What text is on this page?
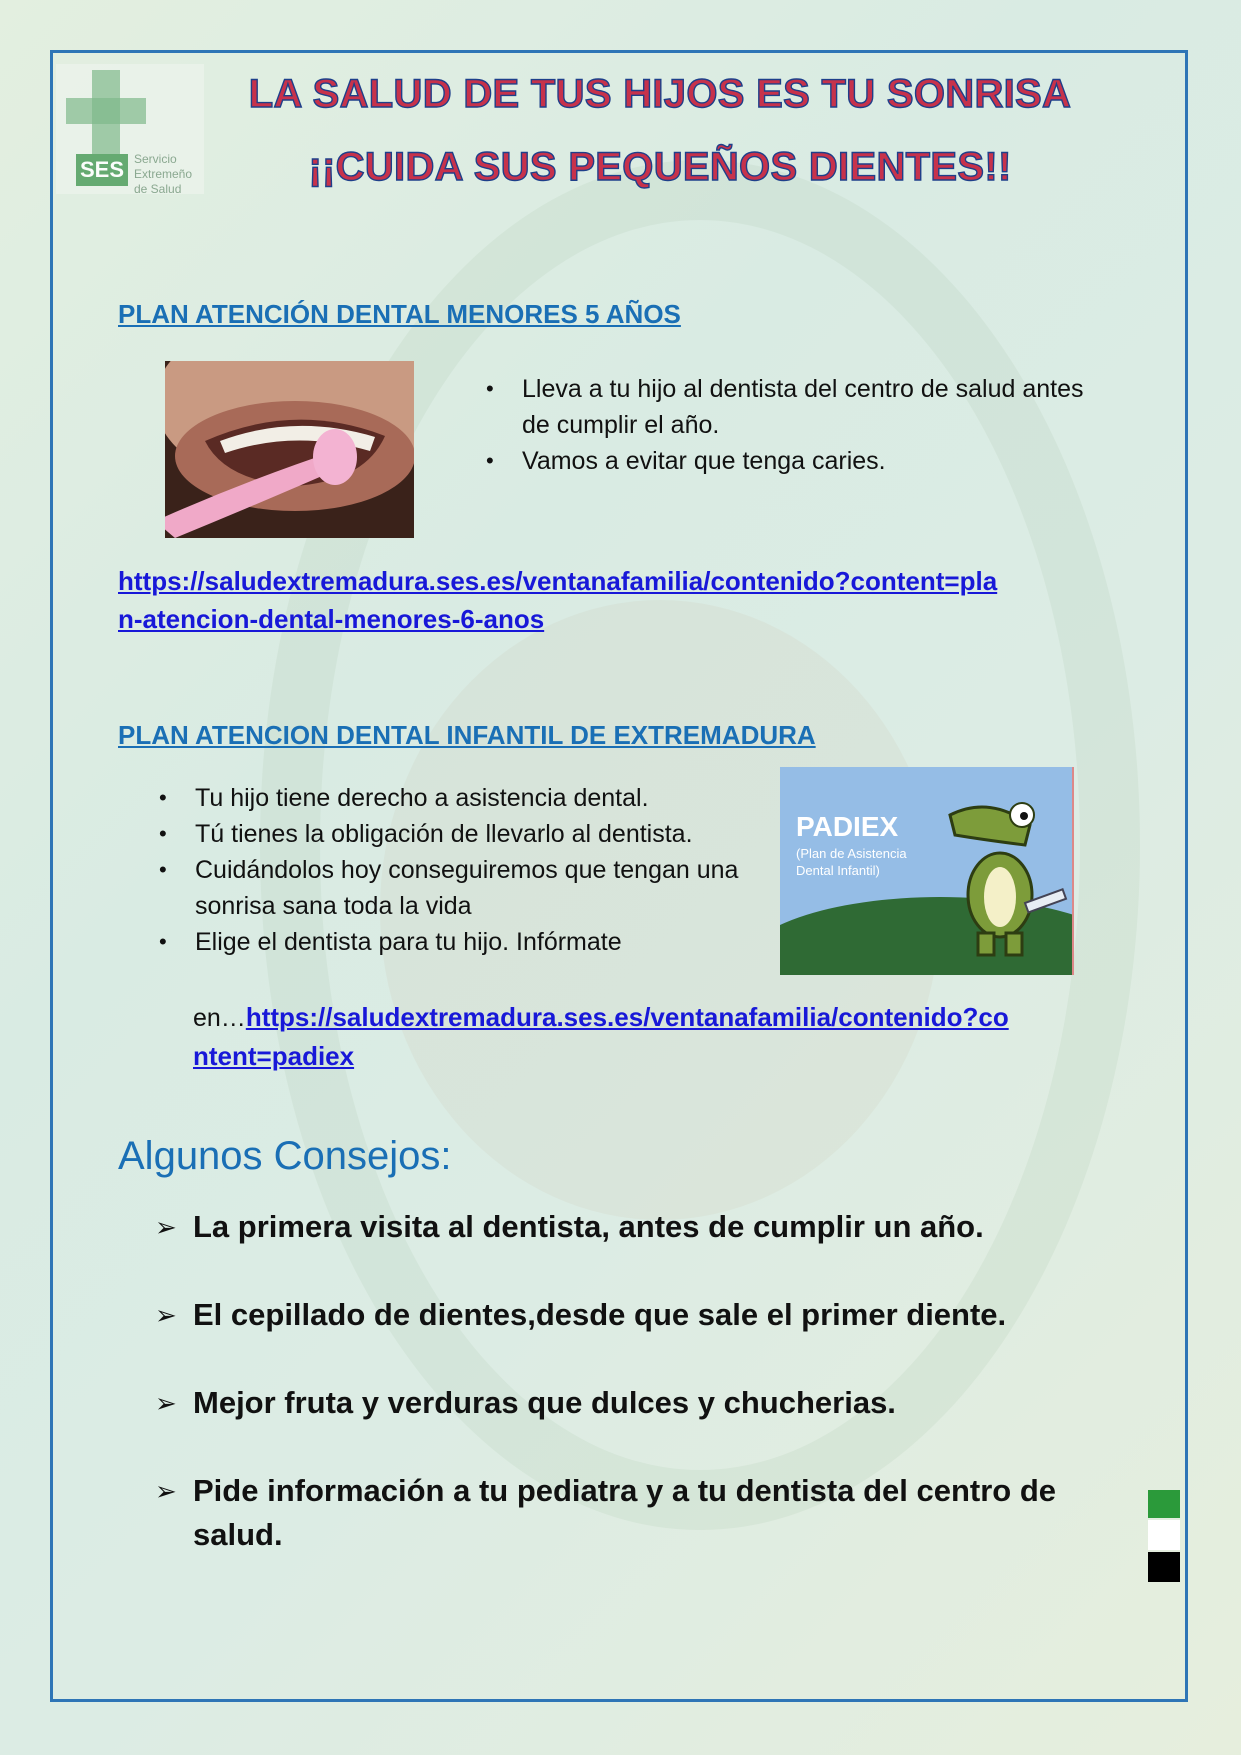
SES Servicio
Extremeño
de Salud
LA SALUD DE TUS HIJOS ES TU SONRISA
¡¡CUIDA SUS PEQUEÑOS DIENTES!!
PLAN ATENCIÓN DENTAL MENORES 5 AÑOS
• Lleva a tu hijo al dentista del centro de salud antes de cumplir el año.
• Vamos a evitar que tenga caries.
https://saludextremadura.ses.es/ventanafamilia/contenido?content=pla
n-atencion-dental-menores-6-anos
PLAN ATENCION DENTAL INFANTIL DE EXTREMADURA
• Tu hijo tiene derecho a asistencia dental.
• Tú tienes la obligación de llevarlo al dentista.
• Cuidándolos hoy conseguiremos que tengan una sonrisa sana toda la vida
• Elige el dentista para tu hijo. Infórmate
PADIEX
(Plan de Asistencia Dental Infantil)
en…https://saludextremadura.ses.es/ventanafamilia/contenido?co
ntent=padiex
Algunos Consejos:
➢ La primera visita al dentista, antes de cumplir un año.
➢ El cepillado de dientes,desde que sale el primer diente.
➢ Mejor fruta y verduras que dulces y chucherias.
➢ Pide información a tu pediatra y a tu dentista del centro de salud.
